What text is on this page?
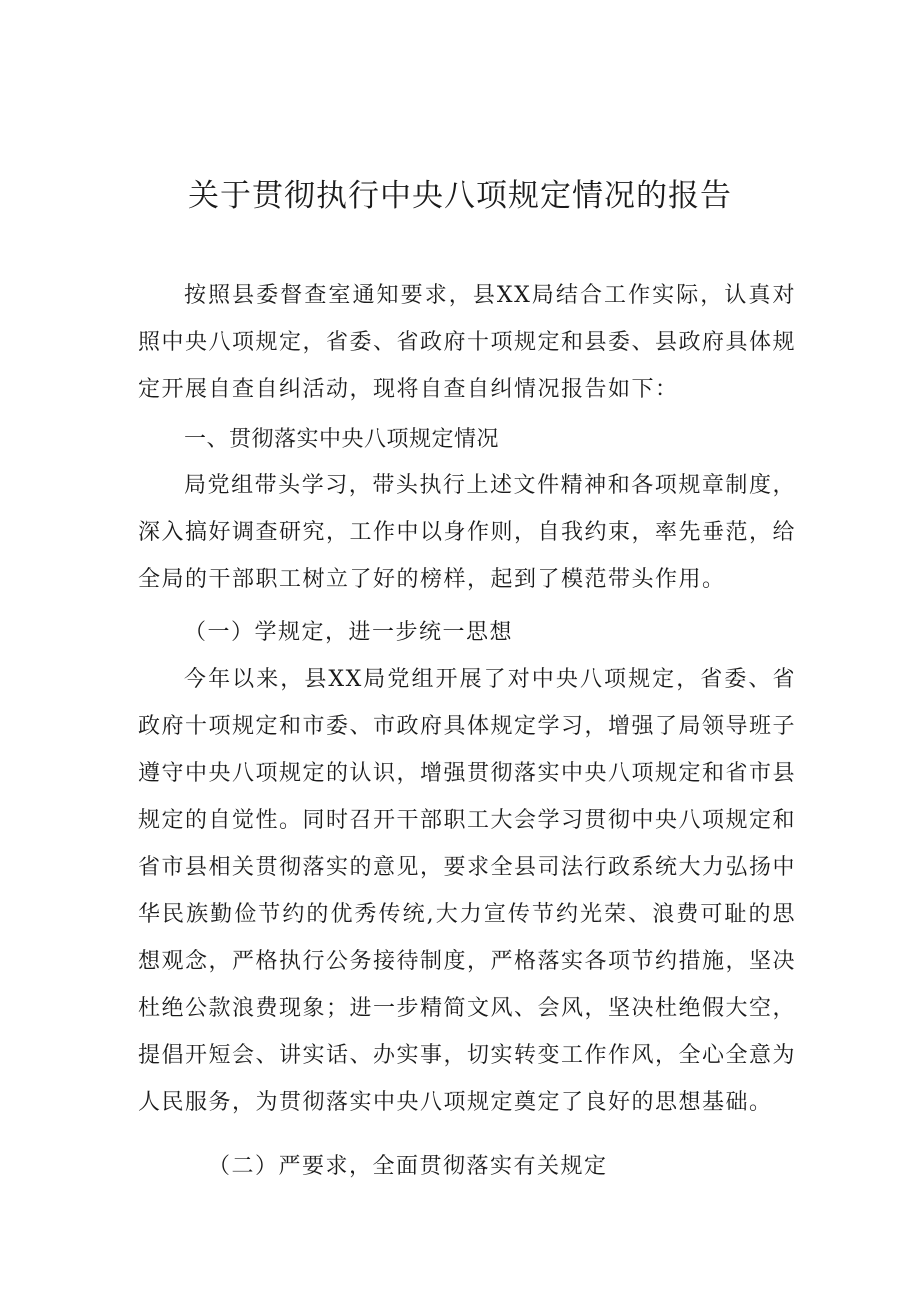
关于贯彻执行中央八项规定情况的报告

按照县委督查室通知要求，县XX局结合工作实际，认真对照中央八项规定，省委、省政府十项规定和县委、县政府具体规定开展自查自纠活动，现将自查自纠情况报告如下：

一、贯彻落实中央八项规定情况

局党组带头学习，带头执行上述文件精神和各项规章制度，深入搞好调查研究，工作中以身作则，自我约束，率先垂范，给全局的干部职工树立了好的榜样，起到了模范带头作用。

（一）学规定，进一步统一思想

今年以来，县XX局党组开展了对中央八项规定，省委、省政府十项规定和市委、市政府具体规定学习，增强了局领导班子遵守中央八项规定的认识，增强贯彻落实中央八项规定和省市县规定的自觉性。同时召开干部职工大会学习贯彻中央八项规定和省市县相关贯彻落实的意见，要求全县司法行政系统大力弘扬中华民族勤俭节约的优秀传统,大力宣传节约光荣、浪费可耻的思想观念，严格执行公务接待制度，严格落实各项节约措施，坚决杜绝公款浪费现象；进一步精简文风、会风，坚决杜绝假大空，提倡开短会、讲实话、办实事，切实转变工作作风，全心全意为人民服务，为贯彻落实中央八项规定奠定了良好的思想基础。

（二）严要求，全面贯彻落实有关规定
